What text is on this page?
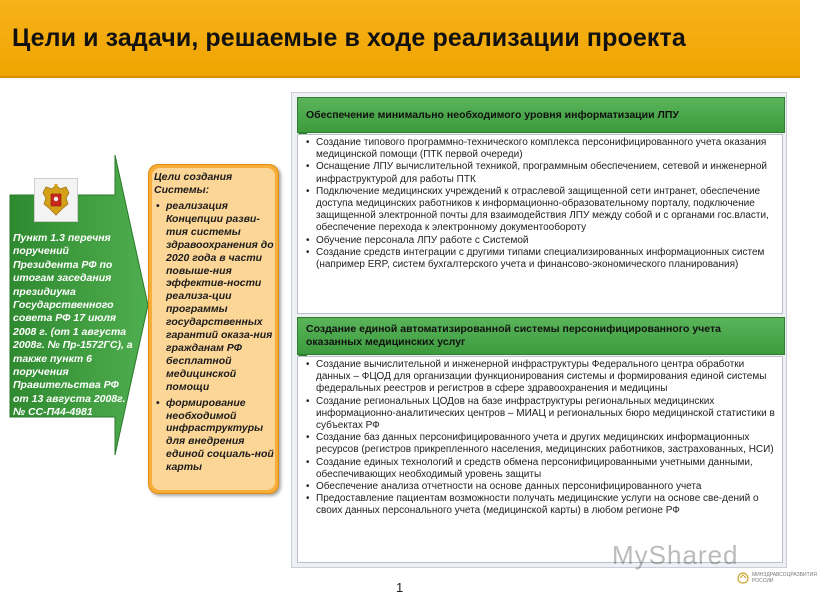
Цели и задачи, решаемые в ходе реализации проекта
Пункт 1.3 перечня поручений Президента РФ по итогам заседания президиума Государственного совета РФ 17 июля 2008 г. (от 1 августа 2008г. № Пр-1572ГС), а также пункт 6 поручения Правительства РФ от 13 августа 2008г. № СС-П44-4981
Цели создания Системы:
• реализация Концепции разви-тия системы здравоохранения до 2020 года в части повыше-ния эффектив-ности реализа-ции программы государственных гарантий оказа-ния гражданам РФ бесплатной медицинской помощи
• формирование необходимой инфраструктуры для внедрения единой социаль-ной карты
Обеспечение минимально необходимого уровня информатизации ЛПУ
• Создание типового программно-технического комплекса персонифицированного учета оказания медицинской помощи (ПТК первой очереди)
• Оснащение ЛПУ вычислительной техникой, программным обеспечением, сетевой и инженерной инфраструктурой для работы ПТК
• Подключение медицинских учреждений к отраслевой защищенной сети интранет, обеспечение доступа медицинских работников к информационно-образовательному порталу, подключение защищенной электронной почты для взаимодействия ЛПУ между собой и с органами гос.власти, обеспечение перехода к электронному документообороту
• Обучение персонала ЛПУ работе с Системой
• Создание средств интеграции с другими типами специализированных информационных систем (например ERP, систем бухгалтерского учета и финансово-экономического планирования)
Создание единой автоматизированной системы персонифицированного учета оказанных медицинских услуг
• Создание вычислительной и инженерной инфраструктуры Федерального центра обработки данных – ФЦОД для организации функционирования системы и формирования единой системы федеральных реестров и регистров в сфере здравоохранения и медицины
• Создание региональных ЦОДов на базе инфраструктуры региональных медицинских информационно-аналитических центров – МИАЦ и региональных бюро медицинской статистики в субъектах РФ
• Создание баз данных персонифицированного учета и других медицинских информационных ресурсов (регистров прикрепленного населения, медицинских работников, застрахованных, НСИ)
• Создание единых технологий и средств обмена персонифицированными учетными данными, обеспечивающих необходимый уровень защиты
• Обеспечение анализа отчетности на основе данных персонифицированного учета
• Предоставление пациентам возможности получать медицинские услуги на основе све-дений о своих данных персонального учета (медицинской карты) в любом регионе РФ
MyShared
1
МИНЗДРАВСОЦРАЗВИТИЯ РОССИИ
